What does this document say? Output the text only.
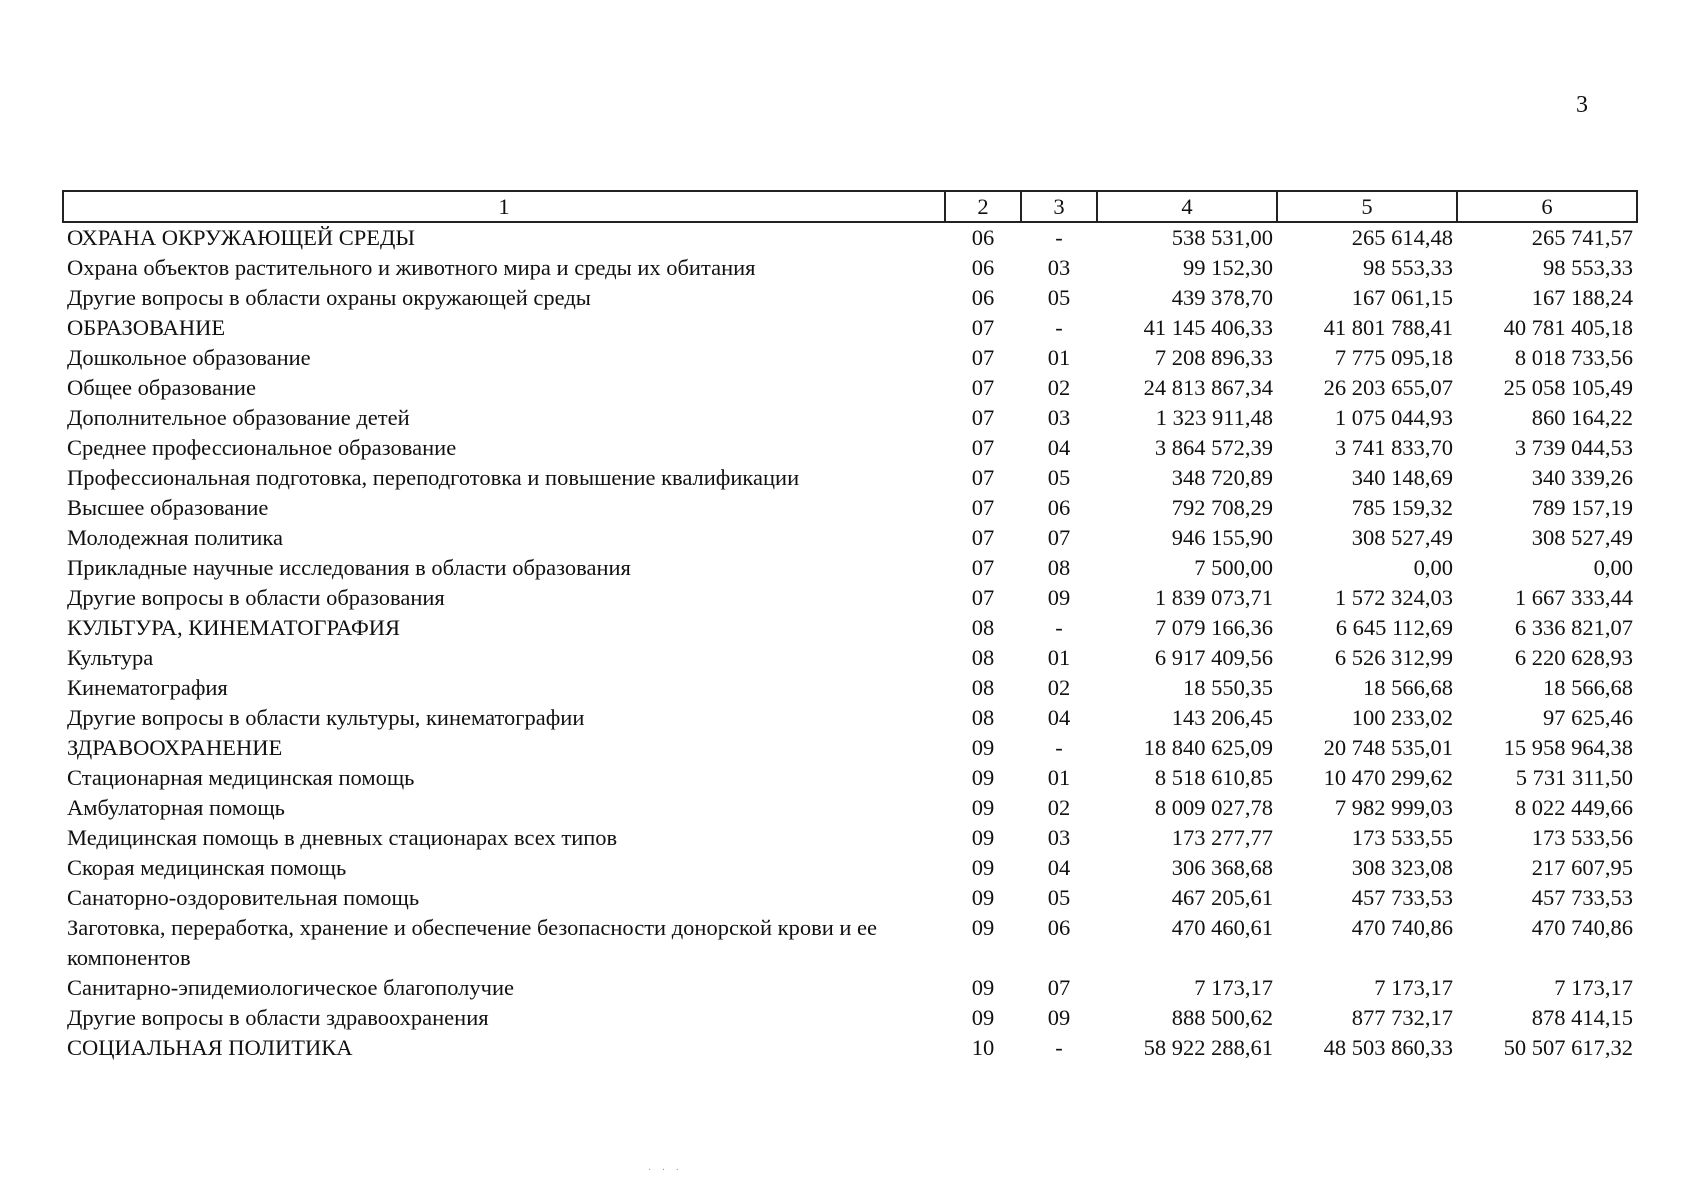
3
1	2	3	4	5	6
ОХРАНА ОКРУЖАЮЩЕЙ СРЕДЫ	06	-	538 531,00	265 614,48	265 741,57
Охрана объектов растительного и животного мира и среды их обитания	06	03	99 152,30	98 553,33	98 553,33
Другие вопросы в области охраны окружающей среды	06	05	439 378,70	167 061,15	167 188,24
ОБРАЗОВАНИЕ	07	-	41 145 406,33	41 801 788,41	40 781 405,18
Дошкольное образование	07	01	7 208 896,33	7 775 095,18	8 018 733,56
Общее образование	07	02	24 813 867,34	26 203 655,07	25 058 105,49
Дополнительное образование детей	07	03	1 323 911,48	1 075 044,93	860 164,22
Среднее профессиональное образование	07	04	3 864 572,39	3 741 833,70	3 739 044,53
Профессиональная подготовка, переподготовка и повышение квалификации	07	05	348 720,89	340 148,69	340 339,26
Высшее образование	07	06	792 708,29	785 159,32	789 157,19
Молодежная политика	07	07	946 155,90	308 527,49	308 527,49
Прикладные научные исследования в области образования	07	08	7 500,00	0,00	0,00
Другие вопросы в области образования	07	09	1 839 073,71	1 572 324,03	1 667 333,44
КУЛЬТУРА, КИНЕМАТОГРАФИЯ	08	-	7 079 166,36	6 645 112,69	6 336 821,07
Культура	08	01	6 917 409,56	6 526 312,99	6 220 628,93
Кинематография	08	02	18 550,35	18 566,68	18 566,68
Другие вопросы в области культуры, кинематографии	08	04	143 206,45	100 233,02	97 625,46
ЗДРАВООХРАНЕНИЕ	09	-	18 840 625,09	20 748 535,01	15 958 964,38
Стационарная медицинская помощь	09	01	8 518 610,85	10 470 299,62	5 731 311,50
Амбулаторная помощь	09	02	8 009 027,78	7 982 999,03	8 022 449,66
Медицинская помощь в дневных стационарах всех типов	09	03	173 277,77	173 533,55	173 533,56
Скорая медицинская помощь	09	04	306 368,68	308 323,08	217 607,95
Санаторно-оздоровительная помощь	09	05	467 205,61	457 733,53	457 733,53
Заготовка, переработка, хранение и обеспечение безопасности донорской крови и ее компонентов	09	06	470 460,61	470 740,86	470 740,86
Санитарно-эпидемиологическое благополучие	09	07	7 173,17	7 173,17	7 173,17
Другие вопросы в области здравоохранения	09	09	888 500,62	877 732,17	878 414,15
СОЦИАЛЬНАЯ ПОЛИТИКА	10	-	58 922 288,61	48 503 860,33	50 507 617,32
· · ·
